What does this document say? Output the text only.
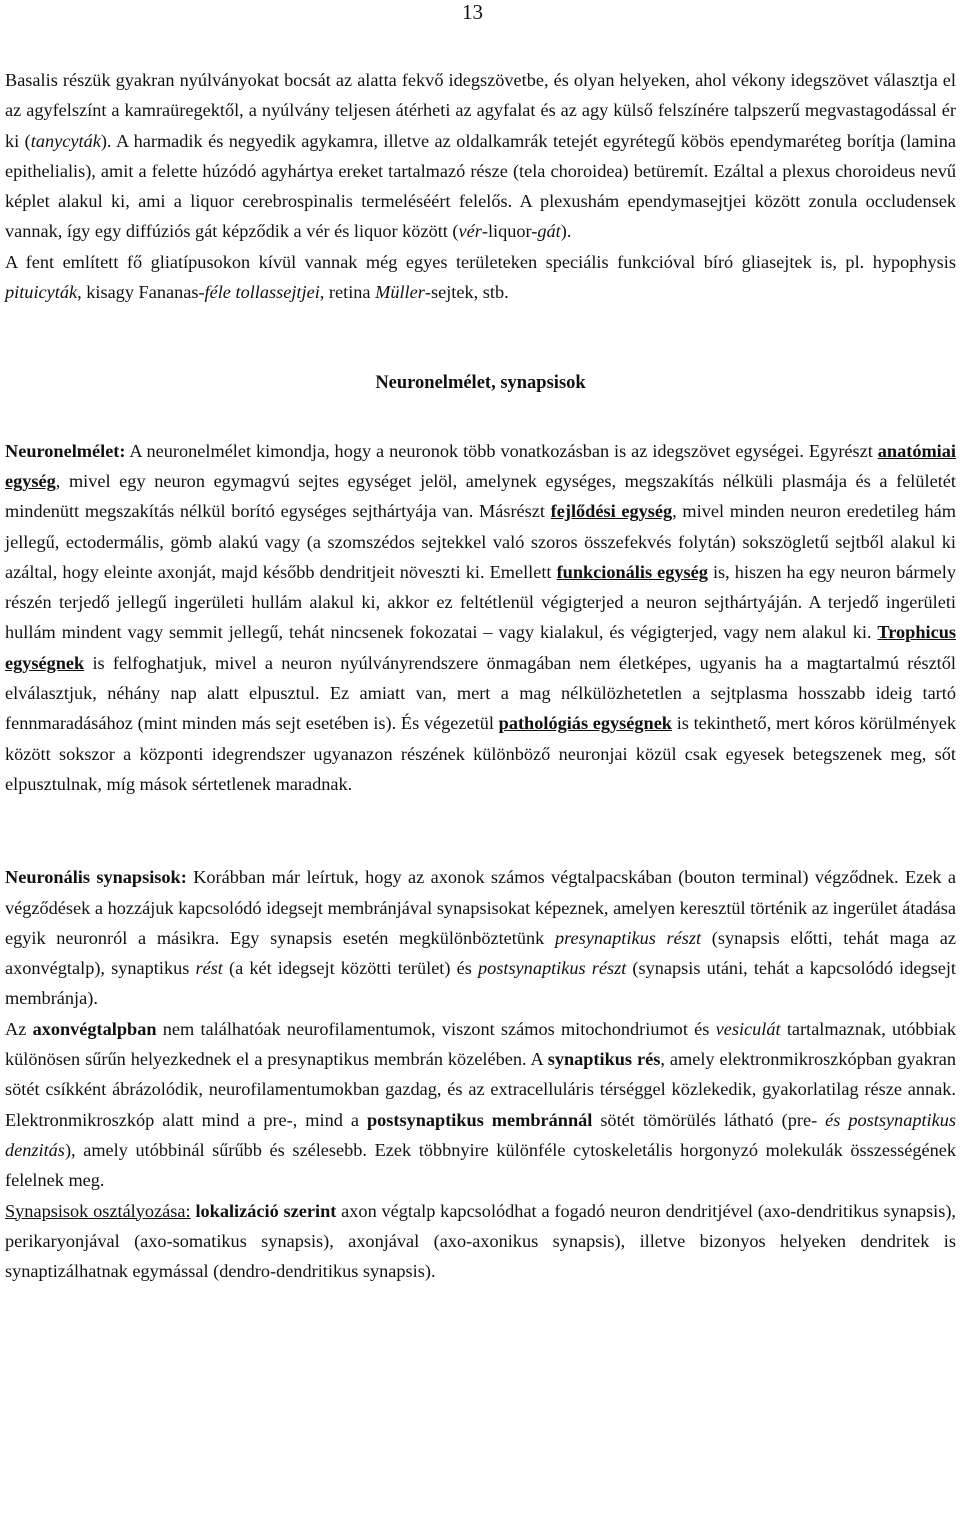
13

Basalis részük gyakran nyúlványokat bocsát az alatta fekvő idegszövetbe, és olyan helyeken, ahol vékony idegszövet választja el az agyfelszínt a kamraüregektől, a nyúlvány teljesen átérheti az agyfalat és az agy külső felszínére talpszerű megvastagodással ér ki (tanycyták). A harmadik és negyedik agykamra, illetve az oldalkamrák tetejét egyrétegű köbös ependymaréteg borítja (lamina epithelialis), amit a felette húzódó agyhártya ereket tartalmazó része (tela choroidea) betüremít. Ezáltal a plexus choroideus nevű képlet alakul ki, ami a liquor cerebrospinalis termeléséért felelős. A plexushám ependymasejtjei között zonula occludensek vannak, így egy diffúziós gát képződik a vér és liquor között (vér-liquor-gát).

A fent említett fő gliatípusokon kívül vannak még egyes területeken speciális funkcióval bíró gliasejtek is, pl. hypophysis pituicyták, kisagy Fananas-féle tollassejtjei, retina Müller-sejtek, stb.

Neuronelmélet, synapsisok

Neuronelmélet: A neuronelmélet kimondja, hogy a neuronok több vonatkozásban is az idegszövet egységei. Egyrészt anatómiai egység, mivel egy neuron egymagvú sejtes egységet jelöl, amelynek egységes, megszakítás nélküli plasmája és a felületét mindenütt megszakítás nélkül borító egységes sejthártyája van. Másrészt fejlődési egység, mivel minden neuron eredetileg hám jellegű, ectodermális, gömb alakú vagy (a szomszédos sejtekkel való szoros összefekvés folytán) sokszögletű sejtből alakul ki azáltal, hogy eleinte axonját, majd később dendritjeit növeszti ki. Emellett funkcionális egység is, hiszen ha egy neuron bármely részén terjedő jellegű ingerületi hullám alakul ki, akkor ez feltétlenül végigterjed a neuron sejthártyáján. A terjedő ingerületi hullám mindent vagy semmit jellegű, tehát nincsenek fokozatai – vagy kialakul, és végigterjed, vagy nem alakul ki. Trophicus egységnek is felfoghatjuk, mivel a neuron nyúlványrendszere önmagában nem életképes, ugyanis ha a magtartalmú résztől elválasztjuk, néhány nap alatt elpusztul. Ez amiatt van, mert a mag nélkülözhetetlen a sejtplasma hosszabb ideig tartó fennmaradásához (mint minden más sejt esetében is). És végezetül pathológiás egységnek is tekinthető, mert kóros körülmények között sokszor a központi idegrendszer ugyanazon részének különböző neuronjai közül csak egyesek betegszenek meg, sőt elpusztulnak, míg mások sértetlenek maradnak.

Neuronális synapsisok: Korábban már leírtuk, hogy az axonok számos végtalpacskában (bouton terminal) végződnek. Ezek a végződések a hozzájuk kapcsolódó idegsejt membránjával synapsisokat képeznek, amelyen keresztül történik az ingerület átadása egyik neuronról a másikra. Egy synapsis esetén megkülönböztetünk presynaptikus részt (synapsis előtti, tehát maga az axonvégtalp), synaptikus rést (a két idegsejt közötti terület) és postsynaptikus részt (synapsis utáni, tehát a kapcsolódó idegsejt membránja).

Az axonvégtalpban nem találhatóak neurofilamentumok, viszont számos mitochondriumot és vesiculát tartalmaznak, utóbbiak különösen sűrűn helyezkednek el a presynaptikus membrán közelében. A synaptikus rés, amely elektronmikroszkópban gyakran sötét csíkként ábrázolódik, neurofilamentumokban gazdag, és az extracelluláris térséggel közlekedik, gyakorlatilag része annak. Elektronmikroszkóp alatt mind a pre-, mind a postsynaptikus membránnál sötét tömörülés látható (pre- és postsynaptikus denzitás), amely utóbbinál sűrűbb és szélesebb. Ezek többnyire különféle cytoskeletális horgonyzó molekulák összességének felelnek meg.

Synapsisok osztályozása: lokalizáció szerint axon végtalp kapcsolódhat a fogadó neuron dendritjével (axo-dendritikus synapsis), perikaryonjával (axo-somatikus synapsis), axonjával (axo-axonikus synapsis), illetve bizonyos helyeken dendritek is synaptizálhatnak egymással (dendro-dendritikus synapsis).
